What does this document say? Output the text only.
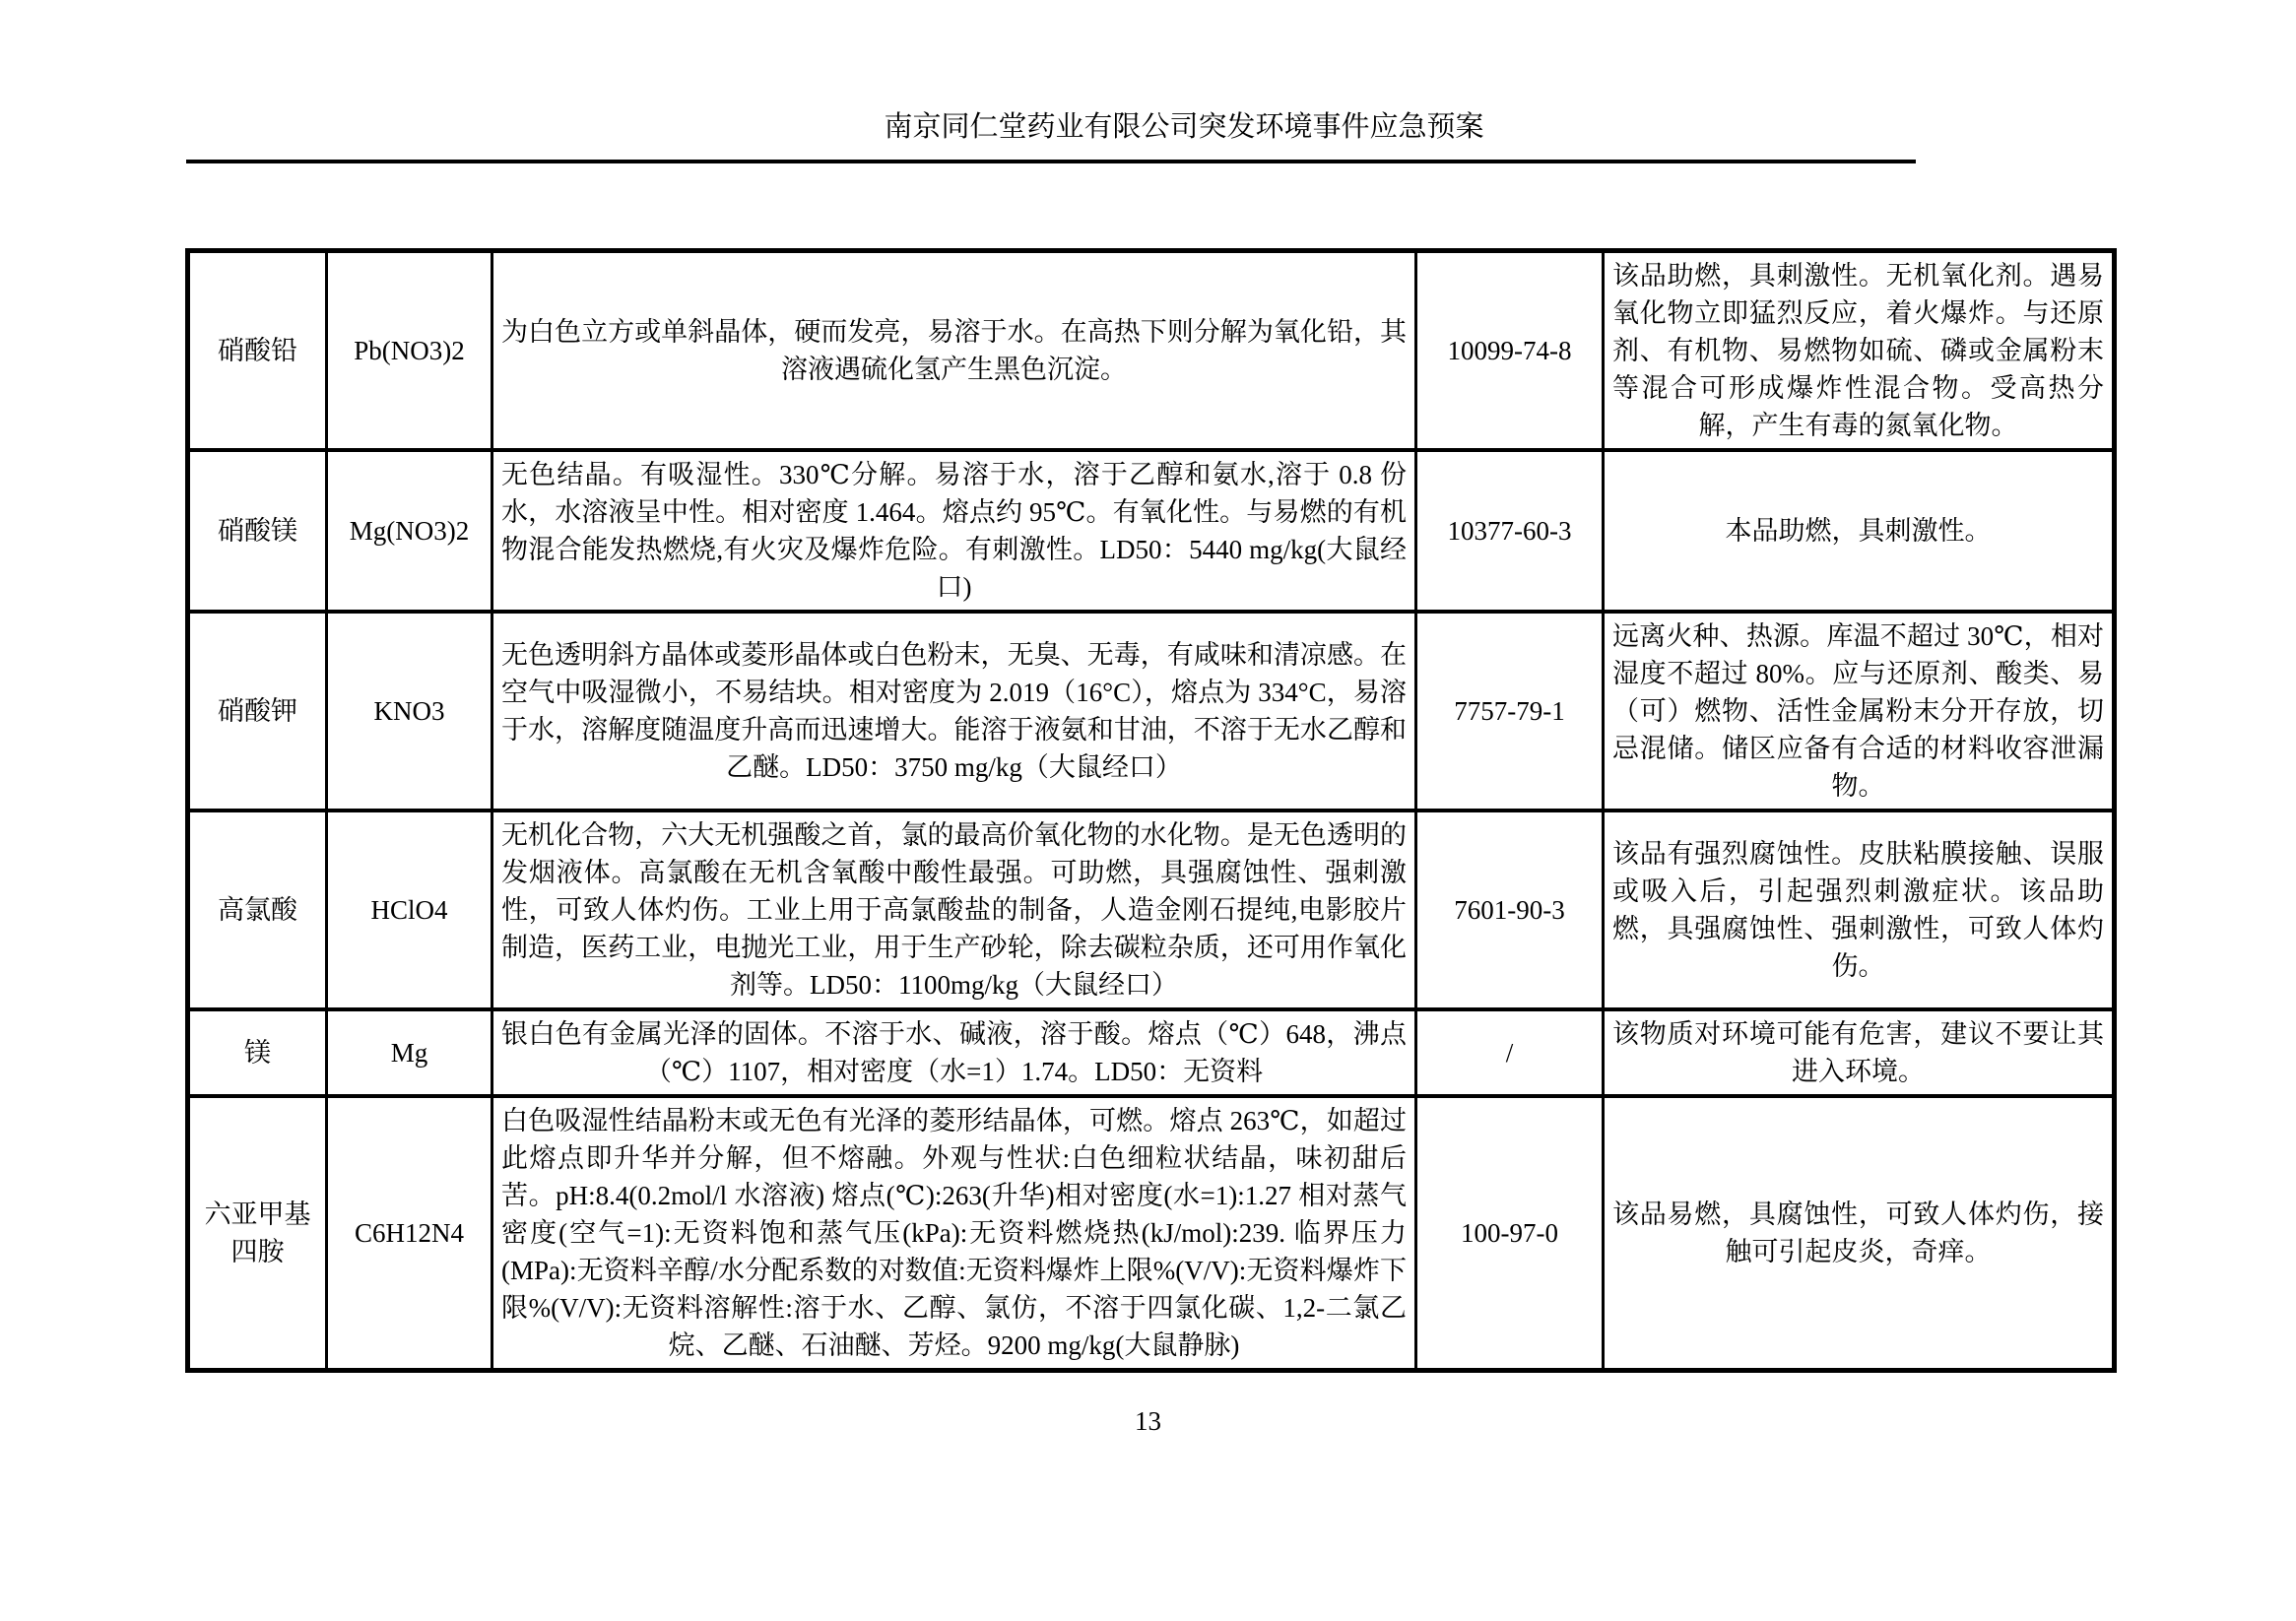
南京同仁堂药业有限公司突发环境事件应急预案
硝酸铅	Pb(NO3)2	为白色立方或单斜晶体，硬而发亮，易溶于水。在高热下则分解为氧化铅，其溶液遇硫化氢产生黑色沉淀。	10099-74-8	该品助燃，具刺激性。无机氧化剂。遇易氧化物立即猛烈反应，着火爆炸。与还原剂、有机物、易燃物如硫、磷或金属粉末等混合可形成爆炸性混合物。受高热分解，产生有毒的氮氧化物。
硝酸镁	Mg(NO3)2	无色结晶。有吸湿性。330℃分解。易溶于水，溶于乙醇和氨水,溶于 0.8 份水，水溶液呈中性。相对密度 1.464。熔点约 95℃。有氧化性。与易燃的有机物混合能发热燃烧,有火灾及爆炸危险。有刺激性。LD50：5440 mg/kg(大鼠经口)	10377-60-3	本品助燃，具刺激性。
硝酸钾	KNO3	无色透明斜方晶体或菱形晶体或白色粉末，无臭、无毒，有咸味和清凉感。在空气中吸湿微小，不易结块。相对密度为 2.019（16°C），熔点为 334°C，易溶于水，溶解度随温度升高而迅速增大。能溶于液氨和甘油，不溶于无水乙醇和乙醚。LD50：3750 mg/kg（大鼠经口）	7757-79-1	远离火种、热源。库温不超过 30℃，相对湿度不超过 80%。应与还原剂、酸类、易（可）燃物、活性金属粉末分开存放，切忌混储。储区应备有合适的材料收容泄漏物。
高氯酸	HClO4	无机化合物，六大无机强酸之首，氯的最高价氧化物的水化物。是无色透明的发烟液体。高氯酸在无机含氧酸中酸性最强。可助燃，具强腐蚀性、强刺激性，可致人体灼伤。工业上用于高氯酸盐的制备，人造金刚石提纯,电影胶片制造，医药工业，电抛光工业，用于生产砂轮，除去碳粒杂质，还可用作氧化剂等。LD50：1100mg/kg（大鼠经口）	7601-90-3	该品有强烈腐蚀性。皮肤粘膜接触、误服或吸入后，引起强烈刺激症状。该品助燃，具强腐蚀性、强刺激性，可致人体灼伤。
镁	Mg	银白色有金属光泽的固体。不溶于水、碱液，溶于酸。熔点（℃）648，沸点（℃）1107，相对密度（水=1）1.74。LD50：无资料	/	该物质对环境可能有危害，建议不要让其进入环境。
六亚甲基四胺	C6H12N4	白色吸湿性结晶粉末或无色有光泽的菱形结晶体，可燃。熔点 263℃，如超过此熔点即升华并分解，但不熔融。外观与性状:白色细粒状结晶，味初甜后苦。pH:8.4(0.2mol/l 水溶液) 熔点(℃):263(升华)相对密度(水=1):1.27 相对蒸气密度(空气=1):无资料饱和蒸气压(kPa):无资料燃烧热(kJ/mol):239. 临界压力(MPa):无资料辛醇/水分配系数的对数值:无资料爆炸上限%(V/V):无资料爆炸下限%(V/V):无资料溶解性:溶于水、乙醇、氯仿，不溶于四氯化碳、1,2-二氯乙烷、乙醚、石油醚、芳烃。9200 mg/kg(大鼠静脉)	100-97-0	该品易燃，具腐蚀性，可致人体灼伤，接触可引起皮炎，奇痒。
13
